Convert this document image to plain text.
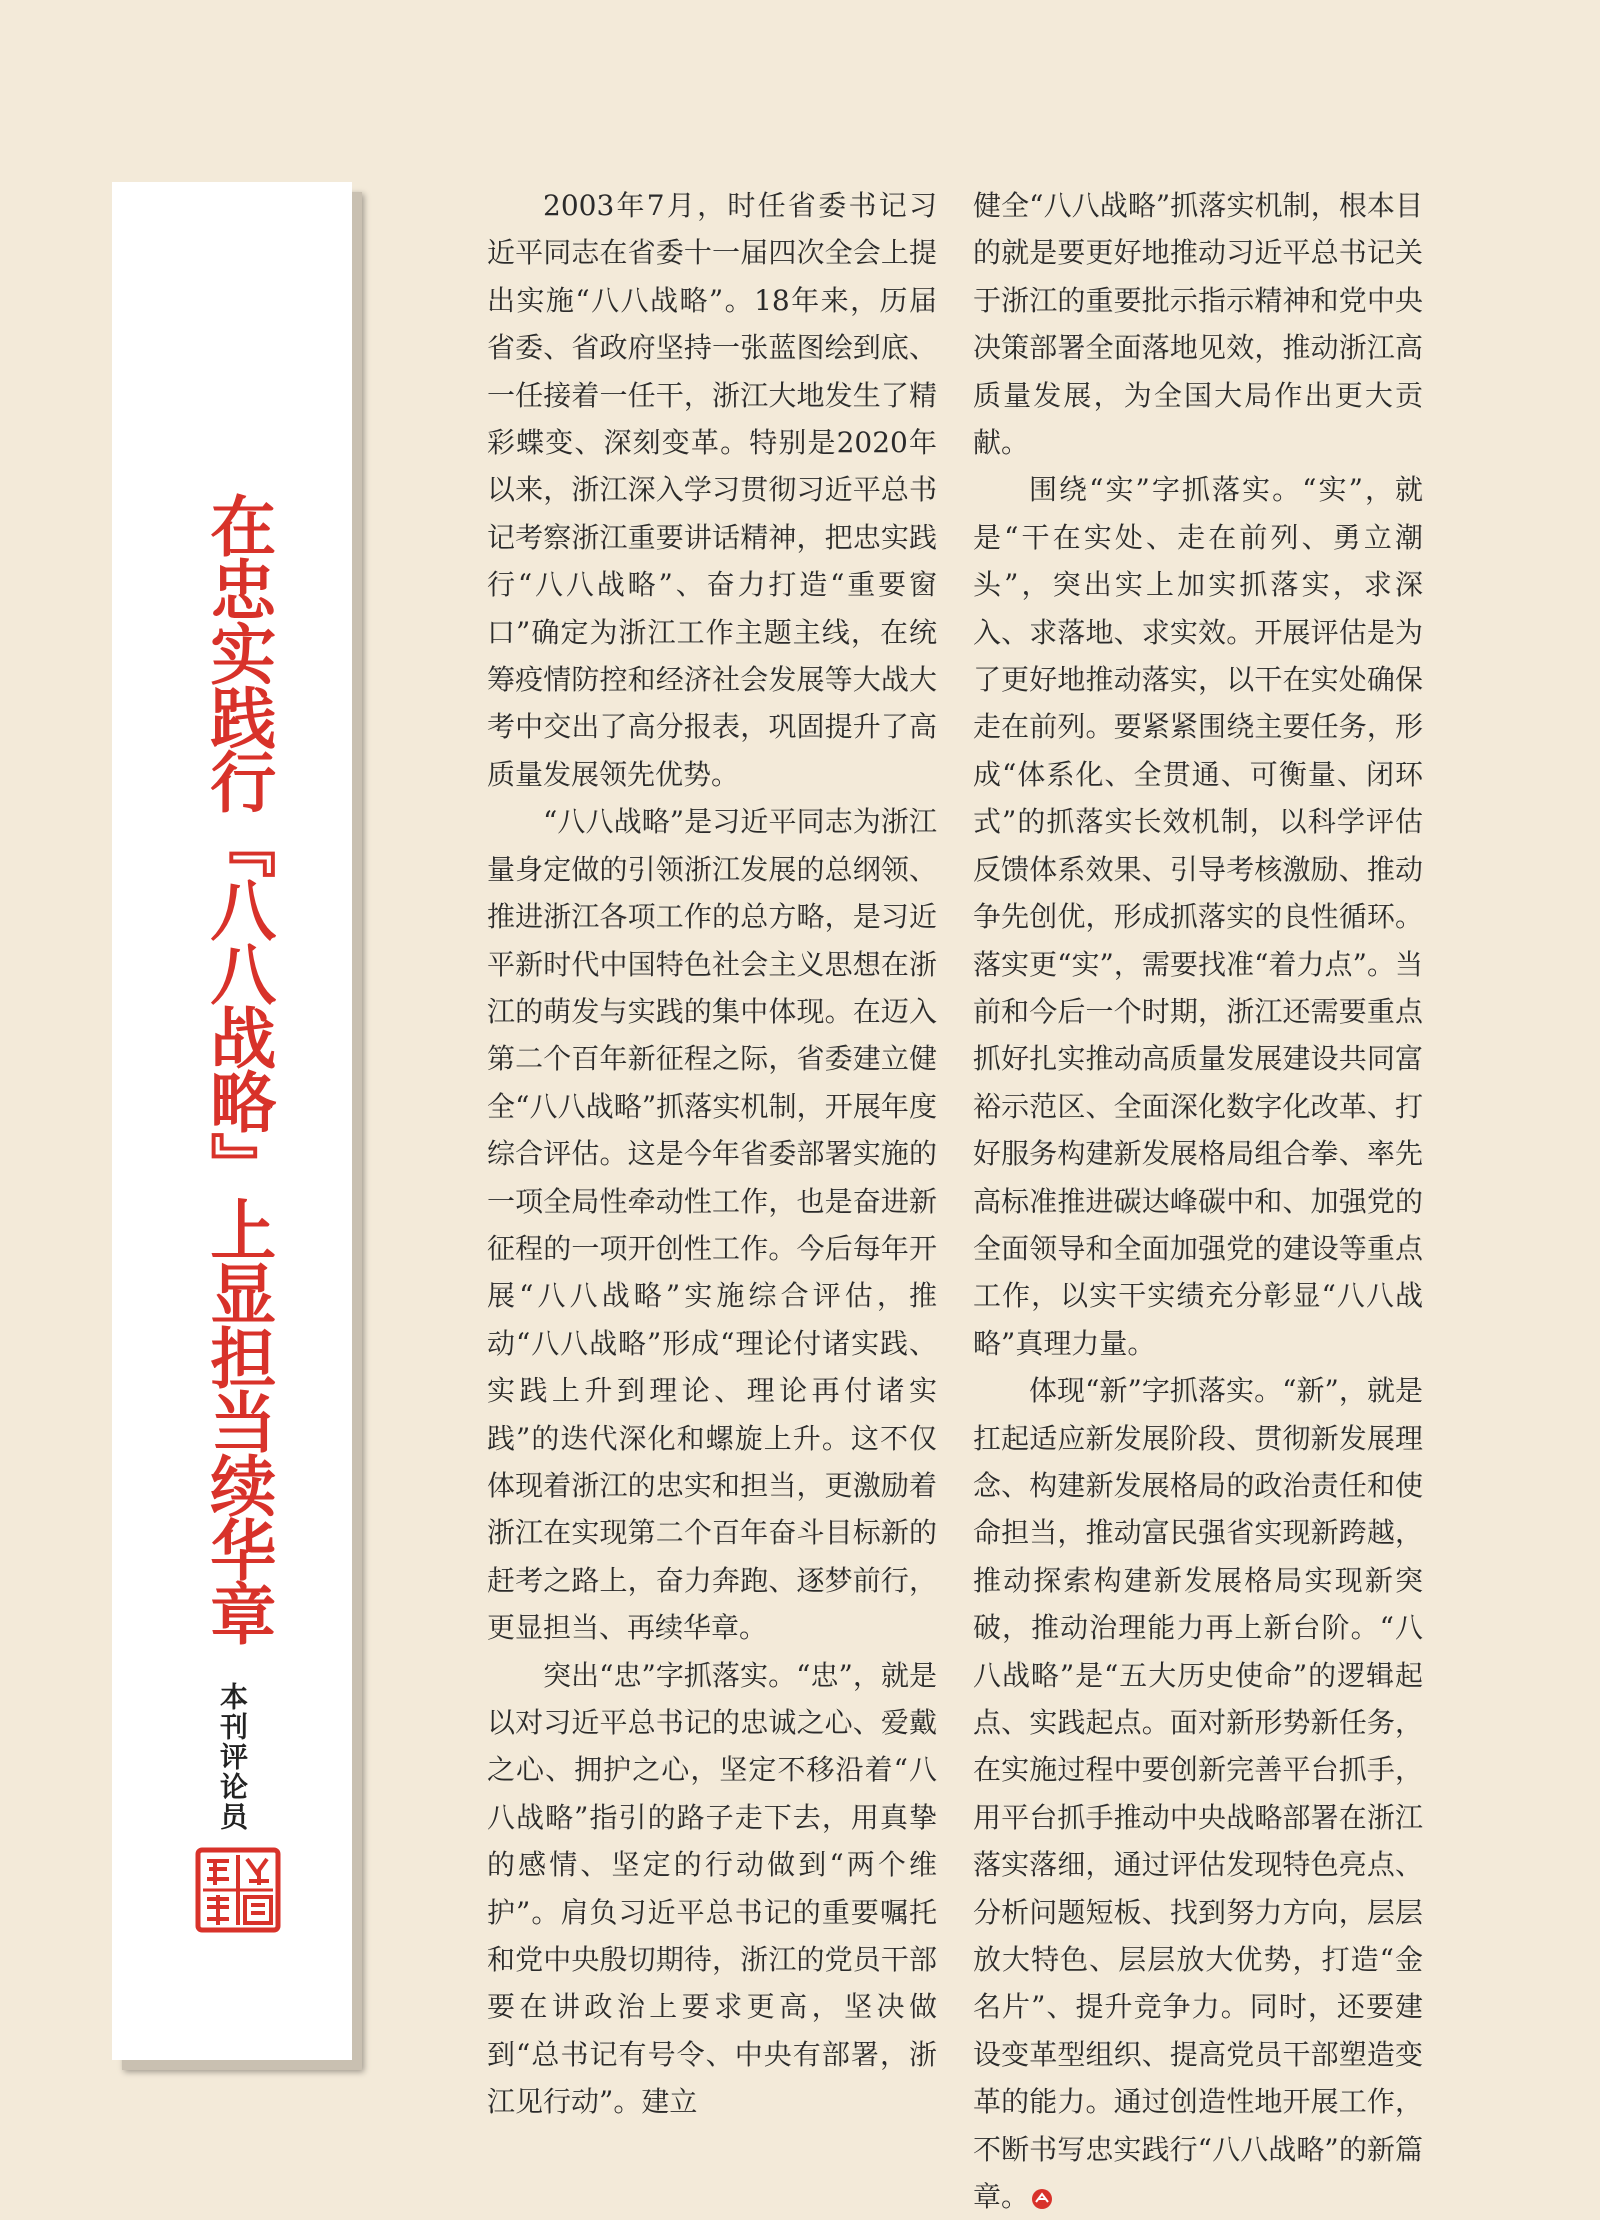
在忠实践行『八八战略』上显担当续华章
本刊评论员

2003年7月，时任省委书记习近平同志在省委十一届四次全会上提出实施“八八战略”。18年来，历届省委、省政府坚持一张蓝图绘到底、一任接着一任干，浙江大地发生了精彩蝶变、深刻变革。特别是2020年以来，浙江深入学习贯彻习近平总书记考察浙江重要讲话精神，把忠实践行“八八战略”、奋力打造“重要窗口”确定为浙江工作主题主线，在统筹疫情防控和经济社会发展等大战大考中交出了高分报表，巩固提升了高质量发展领先优势。

“八八战略”是习近平同志为浙江量身定做的引领浙江发展的总纲领、推进浙江各项工作的总方略，是习近平新时代中国特色社会主义思想在浙江的萌发与实践的集中体现。在迈入第二个百年新征程之际，省委建立健全“八八战略”抓落实机制，开展年度综合评估。这是今年省委部署实施的一项全局性牵动性工作，也是奋进新征程的一项开创性工作。今后每年开展“八八战略”实施综合评估，推动“八八战略”形成“理论付诸实践、实践上升到理论、理论再付诸实践”的迭代深化和螺旋上升。这不仅体现着浙江的忠实和担当，更激励着浙江在实现第二个百年奋斗目标新的赶考之路上，奋力奔跑、逐梦前行，更显担当、再续华章。

突出“忠”字抓落实。“忠”，就是以对习近平总书记的忠诚之心、爱戴之心、拥护之心，坚定不移沿着“八八战略”指引的路子走下去，用真挚的感情、坚定的行动做到“两个维护”。肩负习近平总书记的重要嘱托和党中央殷切期待，浙江的党员干部要在讲政治上要求更高，坚决做到“总书记有号令、中央有部署，浙江见行动”。建立

健全“八八战略”抓落实机制，根本目的就是要更好地推动习近平总书记关于浙江的重要批示指示精神和党中央决策部署全面落地见效，推动浙江高质量发展，为全国大局作出更大贡献。

围绕“实”字抓落实。“实”，就是“干在实处、走在前列、勇立潮头”，突出实上加实抓落实，求深入、求落地、求实效。开展评估是为了更好地推动落实，以干在实处确保走在前列。要紧紧围绕主要任务，形成“体系化、全贯通、可衡量、闭环式”的抓落实长效机制，以科学评估反馈体系效果、引导考核激励、推动争先创优，形成抓落实的良性循环。落实更“实”，需要找准“着力点”。当前和今后一个时期，浙江还需要重点抓好扎实推动高质量发展建设共同富裕示范区、全面深化数字化改革、打好服务构建新发展格局组合拳、率先高标准推进碳达峰碳中和、加强党的全面领导和全面加强党的建设等重点工作，以实干实绩充分彰显“八八战略”真理力量。

体现“新”字抓落实。“新”，就是扛起适应新发展阶段、贯彻新发展理念、构建新发展格局的政治责任和使命担当，推动富民强省实现新跨越，推动探索构建新发展格局实现新突破，推动治理能力再上新台阶。“八八战略”是“五大历史使命”的逻辑起点、实践起点。面对新形势新任务，在实施过程中要创新完善平台抓手，用平台抓手推动中央战略部署在浙江落实落细，通过评估发现特色亮点、分析问题短板、找到努力方向，层层放大特色、层层放大优势，打造“金名片”、提升竞争力。同时，还要建设变革型组织、提高党员干部塑造变革的能力。通过创造性地开展工作，不断书写忠实践行“八八战略”的新篇章。
